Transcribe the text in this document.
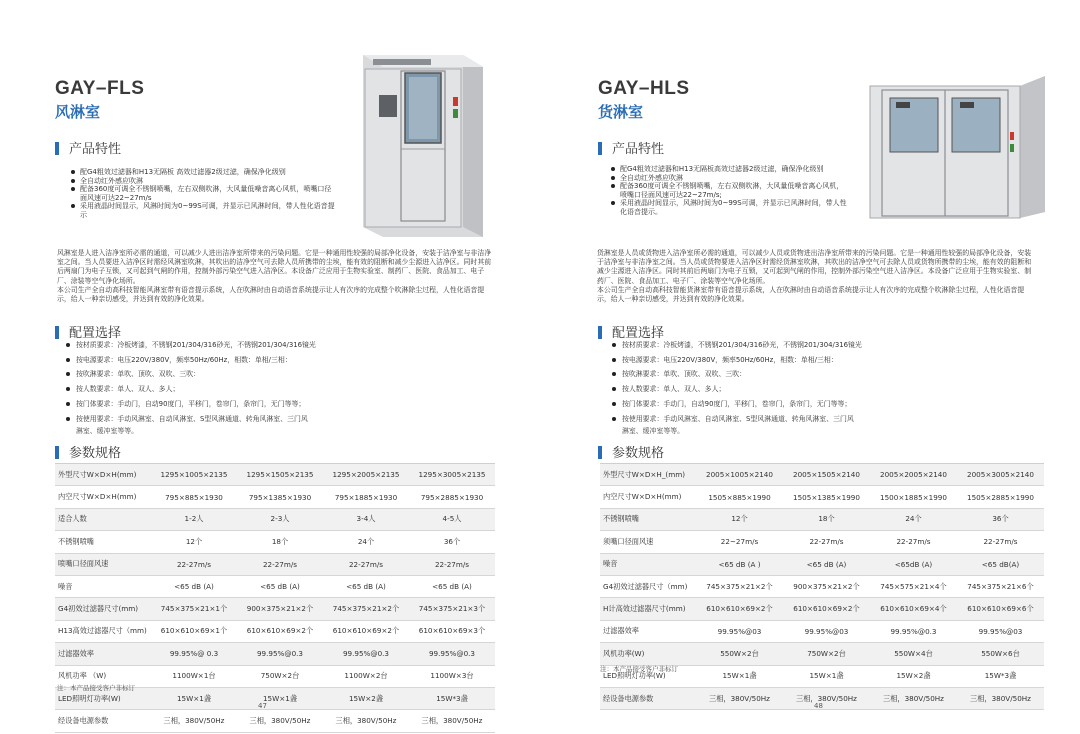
GAY–FLS
风淋室
产品特性
配G4粗效过滤器和H13无隔板 高效过滤器2级过滤，确保净化级别
全自动红外感应吹淋
配备360度可调全不锈钢喷嘴，左右双侧吹淋，大风量低噪音离心风机，喷嘴口径面风速可达22~27m/s
采用液晶时间显示，风淋时间为0~99S可调，并显示已风淋时间，带人性化语音提示
风淋室是人进入洁净室所必需的通道，可以减少人进出洁净室所带来的污染问题。它是一种通用性较强的局部净化设备，安装于洁净室与非洁净室之间。当人员要进入洁净区时需经风淋室吹淋，其吹出的洁净空气可去除人员所携带的尘埃，能有效的阻断和减少尘源进入洁净区。同时其前后两扇门为电子互锁，又可起到气闸的作用，控制外部污染空气进入洁净区。本设备广泛应用于生物实验室、制药厂、医院、食品加工、电子厂、涂装等空气净化场所。
本公司生产全自动高科技智能风淋室带有语音提示系统，人在吹淋时由自动语音系统提示让人有次序的完成整个吹淋除尘过程，人性化语音提示，给人一种亲切感受，并达到有效的净化效果。
配置选择
按材质要求：冷板烤漆，不锈钢201/304/316砂光，不锈钢201/304/316镜光
按电源要求：电压220V/380V，频率50Hz/60Hz，相数：单相/三相：
按吹淋要求：单吹、顶吹、双吹、三吹：
按人数要求：单人、双人、多人；
按门体要求：手动门，自动90度门，平移门，卷帘门，条帘门，无门等等；
按使用要求：手动风淋室、自动风淋室、S型风淋通道、转角风淋室、三门风
淋室、缓冲室等等。
参数规格
外型尺寸W×D×H(mm)	1295×1005×2135	1295×1505×2135	1295×2005×2135	1295×3005×2135
内空尺寸W×D×H(mm)	795×885×1930	795×1385×1930	795×1885×1930	795×2885×1930
适合人数	1-2人	2-3人	3-4人	4-5人
不锈钢喷嘴	12个	18个	24个	36个
喷嘴口径面风速	22-27m/s	22-27m/s	22-27m/s	22-27m/s
噪音	<65 dB (A)	<65 dB (A)	<65 dB (A)	<65 dB (A)
G4初效过滤器尺寸(mm)	745×375×21×1个	900×375×21×2个	745×375×21×2个	745×375×21×3个
H13高效过滤器尺寸（mm)	610×610×69×1个	610×610×69×2个	610×610×69×2个	610×610×69×3个
过滤器效率	99.95%@ 0.3	99.95%@0.3	99.95%@0.3	99.95%@0.3
风机功率 （W)	1100W×1台	750W×2台	1100W×2台	1100W×3台
LED照明灯功率(W)	15W×1盏	15W×1盏	15W×2盏	15W*3盏
经设备电源参数	三相，380V/50Hz	三相，380V/50Hz	三相，380V/50Hz	三相，380V/50Hz
注：本产品接受客户非标订
47
GAY–HLS
货淋室
产品特性
配G4粗效过滤器和H13无隔板高效过滤器2级过滤，确保净化级别
全自动红外感应吹淋
配备360度可调全不锈钢喷嘴，左右双侧吹淋，大风量低噪音离心风机，喷嘴口径面风速可达22~27m/s;
采用液晶时间显示，风淋时间为0~99S可调，并显示已风淋时间，带人性化语音提示。
货淋室是人员或货物进入洁净室所必需的通道，可以减少人员或货物进出洁净室所带来的污染问题。它是一种通用性较强的局部净化设备，安装于洁净室与非洁净室之间。当人员或货物要进入洁净区时需经货淋室吹淋，其吹出的洁净空气可去除人员或货物所携带的尘埃，能有效的阻断和减少尘源进入洁净区。同时其前后两扇门为电子互锁，又可起到气闸的作用，控制外部污染空气进入洁净区。本设备广泛应用于生物实验室、制药厂、医院、食品加工、电子厂、涂装等空气净化场所。
本公司生产全自动高科技智能货淋室带有语音提示系统，人在吹淋时由自动语音系统提示让人有次序的完成整个吹淋除尘过程，人性化语音提示，给人一种亲切感受，并达到有效的净化效果。
配置选择
按材质要求：冷板烤漆，不锈钢201/304/316砂光，不锈钢201/304/316镜光
按电源要求：电压220V/380V，频率50Hz/60Hz，相数：单相/三相：
按吹淋要求：单吹、顶吹、双吹、三吹：
按人数要求：单人、双人、多人；
按门体要求：手动门，自动90度门，平移门，卷帘门，条帘门，无门等等；
按使用要求：手动风淋室、自动风淋室、S型风淋通道、转角风淋室、三门风
淋室、缓冲室等等。
参数规格
外型尺寸W×D×H_(mm)	2005×1005×2140	2005×1505×2140	2005×2005×2140	2005×3005×2140
内空尺寸W×D×H(mm)	1505×885×1990	1505×1385×1990	1500×1885×1990	1505×2885×1990
不锈钢喷嘴	12个	18个	24个	36个
须嘴口径面风速	22~27m/s	22-27m/s	22-27m/s	22-27m/s
噪音	<65 dB (A )	<65 dB (A)	<65dB (A)	<65 dB(A)
G4初效过滤器尺寸（mm)	745×375×21×2个	900×375×21×2个	745×575×21×4个	745×375×21×6个
H计高效过滤器尺寸(mm)	610×610×69×2个	610×610×69×2个	610×610×69×4个	610×610×69×6个
过滤器效率	99.95%@03	99.95%@03	99.95%@0.3	99.95%@03
风机功率(W)	550W×2台	750W×2台	550W×4台	550W×6台
LED照明灯功率(W)	15W×1盏	15W×1盏	15W×2盏	15W*3盏
经设备电源参数	三相，380V/50Hz	三相，380V/50Hz	三相，380V/50Hz	三相，380V/50Hz
注：本产品接受客户非标订
48
